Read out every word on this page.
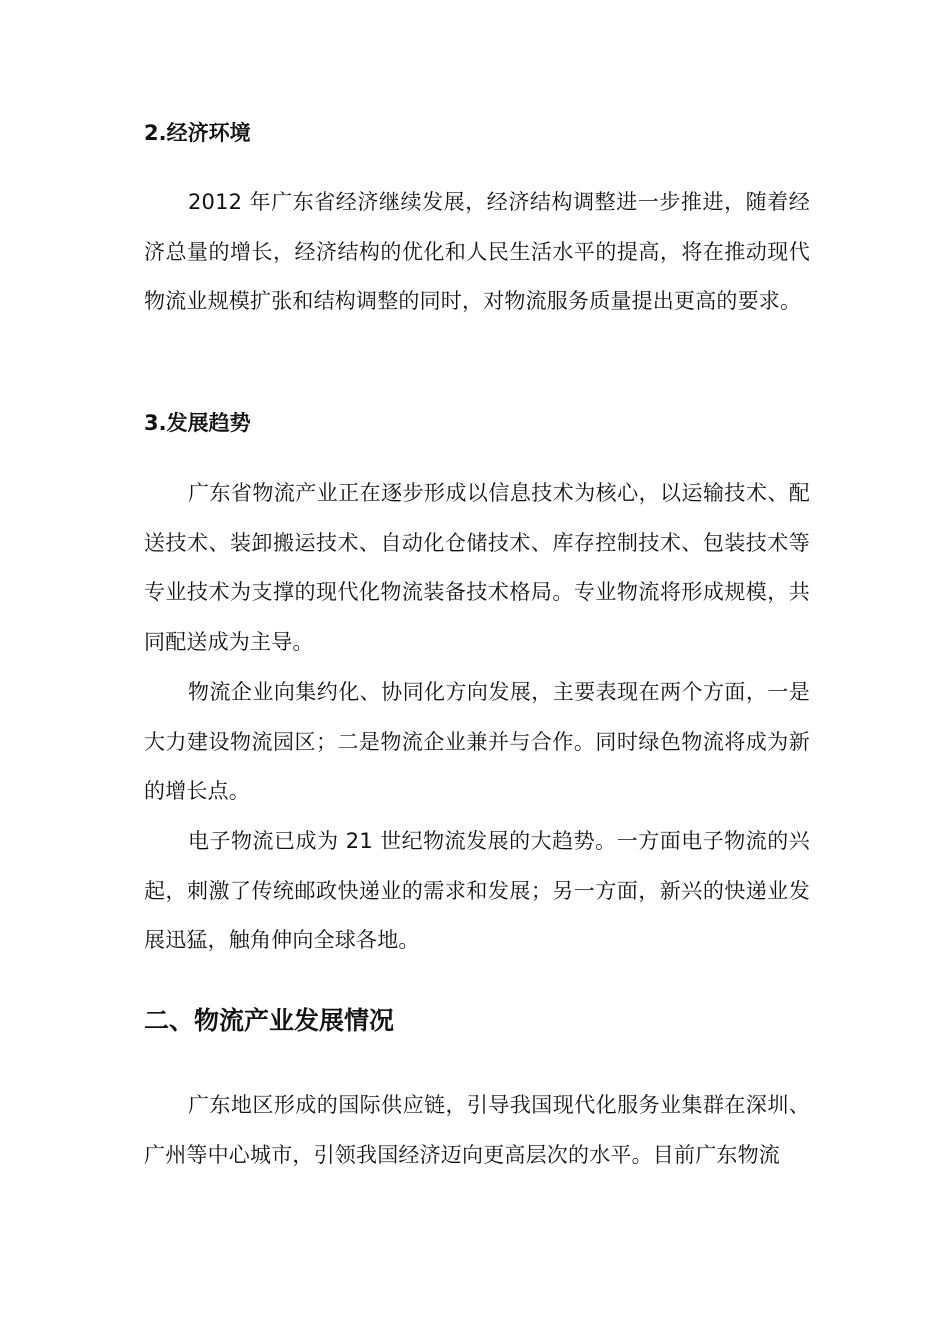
2.经济环境

2012 年广东省经济继续发展，经济结构调整进一步推进，随着经济总量的增长，经济结构的优化和人民生活水平的提高，将在推动现代物流业规模扩张和结构调整的同时，对物流服务质量提出更高的要求。

3.发展趋势

广东省物流产业正在逐步形成以信息技术为核心，以运输技术、配送技术、装卸搬运技术、自动化仓储技术、库存控制技术、包装技术等专业技术为支撑的现代化物流装备技术格局。专业物流将形成规模，共同配送成为主导。

物流企业向集约化、协同化方向发展，主要表现在两个方面，一是大力建设物流园区；二是物流企业兼并与合作。同时绿色物流将成为新的增长点。

电子物流已成为 21 世纪物流发展的大趋势。一方面电子物流的兴起，刺激了传统邮政快递业的需求和发展；另一方面，新兴的快递业发展迅猛，触角伸向全球各地。

二、物流产业发展情况

广东地区形成的国际供应链，引导我国现代化服务业集群在深圳、广州等中心城市，引领我国经济迈向更高层次的水平。目前广东物流
